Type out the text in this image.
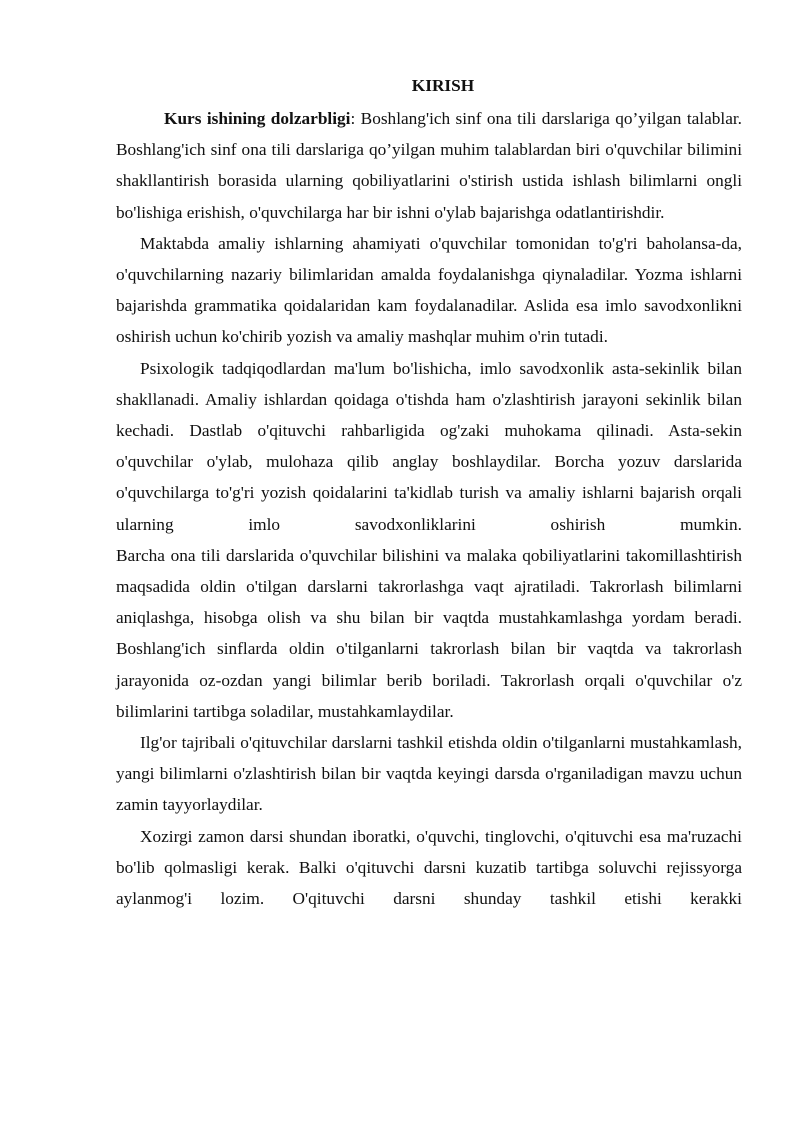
KIRISH

Kurs ishining dolzarbligi: Boshlang'ich sinf ona tili darslariga qo’yilgan talablar. Boshlang'ich sinf ona tili darslariga qo’yilgan muhim talablardan biri o'quvchilar bilimini shakllantirish borasida ularning qobiliyatlarini o'stirish ustida ishlash bilimlarni ongli bo'lishiga erishish, o'quvchilarga har bir ishni o'ylab bajarishga odatlantirishdir.

Maktabda amaliy ishlarning ahamiyati o'quvchilar tomonidan to'g'ri baholansa-da, o'quvchilarning nazariy bilimlaridan amalda foydalanishga qiynaladilar. Yozma ishlarni bajarishda grammatika qoidalaridan kam foydalanadilar. Aslida esa imlo savodxonlikni oshirish uchun ko'chirib yozish va amaliy mashqlar muhim o'rin tutadi.

Psixologik tadqiqodlardan ma'lum bo'lishicha, imlo savodxonlik asta-sekinlik bilan shakllanadi. Amaliy ishlardan qoidaga o'tishda ham o'zlashtirish jarayoni sekinlik bilan kechadi. Dastlab o'qituvchi rahbarligida og'zaki muhokama qilinadi. Asta-sekin o'quvchilar o'ylab, mulohaza qilib anglay boshlaydilar. Borcha yozuv darslarida o'quvchilarga to'g'ri yozish qoidalarini ta'kidlab turish va amaliy ishlarni bajarish orqali ularning imlo savodxonliklarini oshirish mumkin.
Barcha ona tili darslarida o'quvchilar bilishini va malaka qobiliyatlarini takomillashtirish maqsadida oldin o'tilgan darslarni takrorlashga vaqt ajratiladi. Takrorlash bilimlarni aniqlashga, hisobga olish va shu bilan bir vaqtda mustahkamlashga yordam beradi. Boshlang'ich sinflarda oldin o'tilganlarni takrorlash bilan bir vaqtda va takrorlash jarayonida oz-ozdan yangi bilimlar berib boriladi. Takrorlash orqali o'quvchilar o'z bilimlarini tartibga soladilar, mustahkamlaydilar.

Ilg'or tajribali o'qituvchilar darslarni tashkil etishda oldin o'tilganlarni mustahkamlash, yangi bilimlarni o'zlashtirish bilan bir vaqtda keyingi darsda o'rganiladigan mavzu uchun zamin tayyorlaydilar.

Xozirgi zamon darsi shundan iboratki, o'quvchi, tinglovchi, o'qituvchi esa ma'ruzachi bo'lib qolmasligi kerak. Balki o'qituvchi darsni kuzatib tartibga soluvchi rejissyorga aylanmog'i lozim. O'qituvchi darsni shunday tashkil etishi kerakki
